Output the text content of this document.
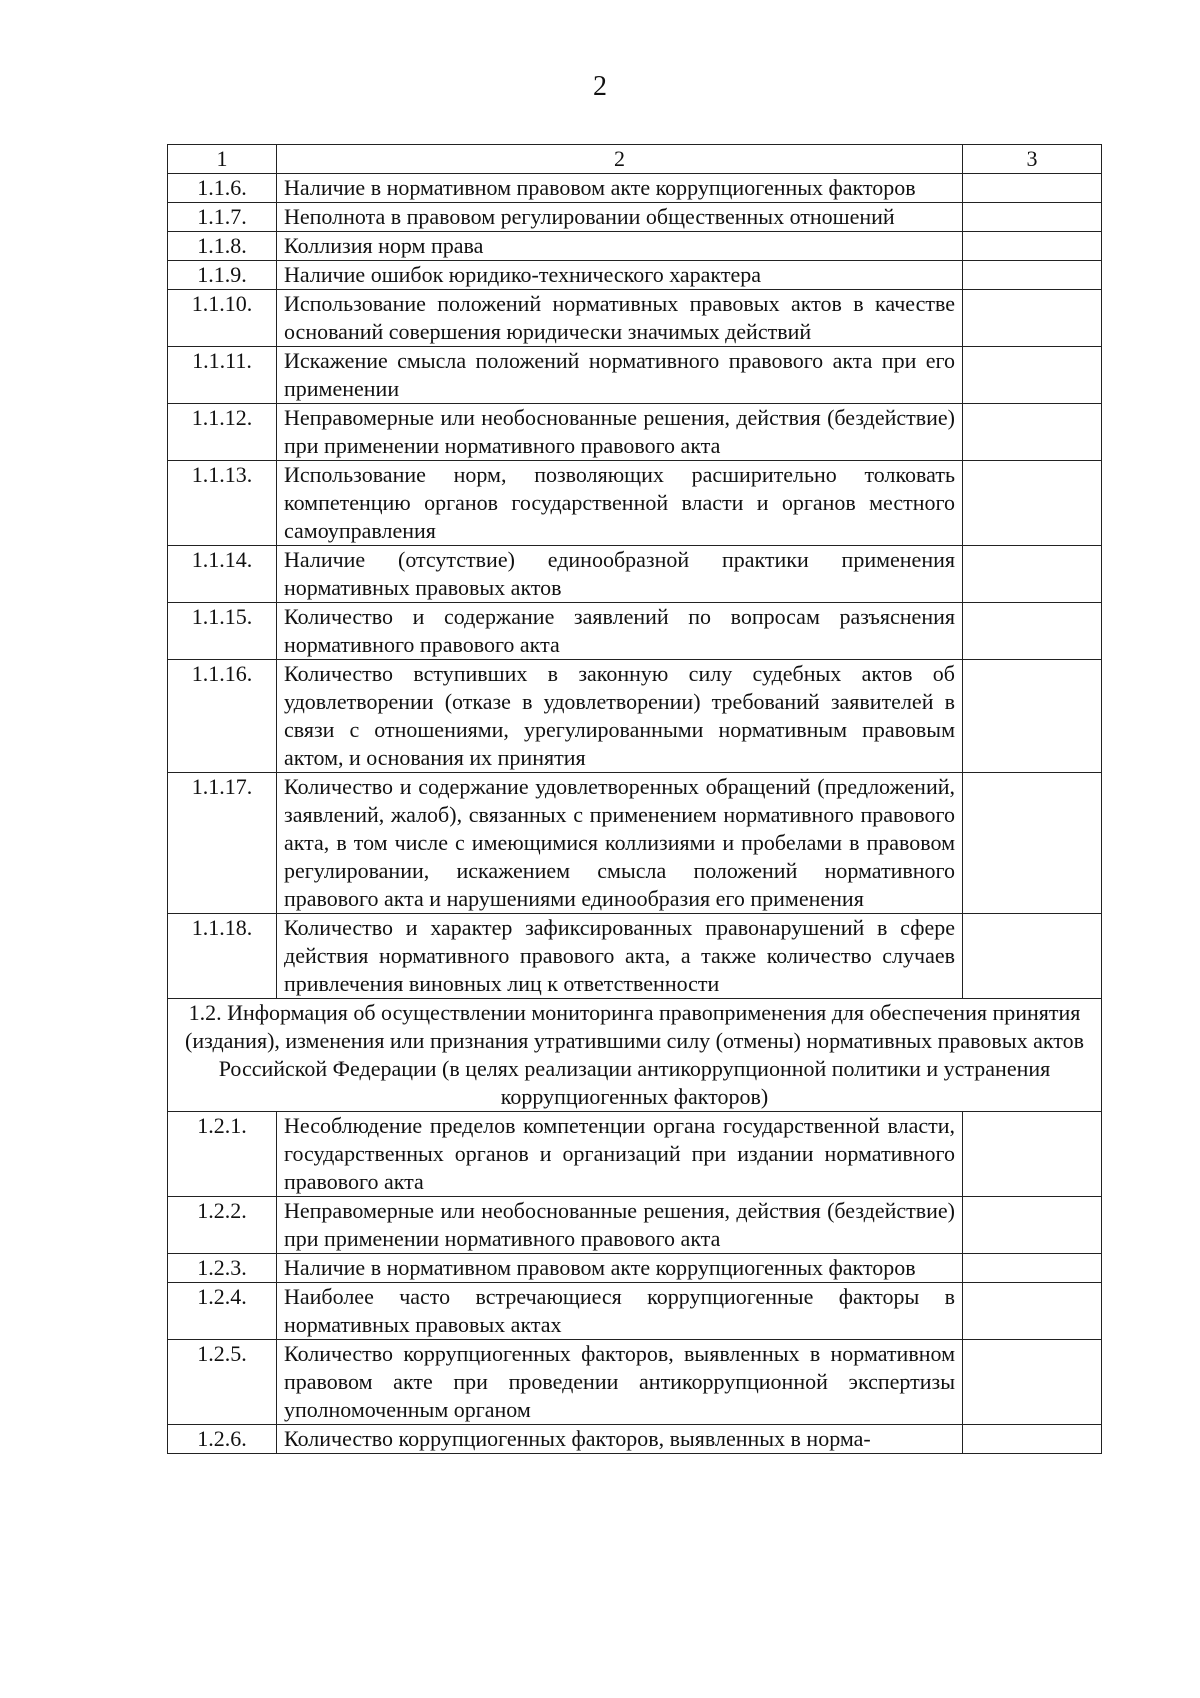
2
1	2	3
1.1.6.	Наличие в нормативном правовом акте коррупциогенных факторов	
1.1.7.	Неполнота в правовом регулировании общественных отношений	
1.1.8.	Коллизия норм права	
1.1.9.	Наличие ошибок юридико-технического характера	
1.1.10.	Использование положений нормативных правовых актов в качестве оснований совершения юридически значимых действий	
1.1.11.	Искажение смысла положений нормативного правового акта при его применении	
1.1.12.	Неправомерные или необоснованные решения, действия (бездействие) при применении нормативного правового акта	
1.1.13.	Использование норм, позволяющих расширительно толковать компетенцию органов государственной власти и органов местного самоуправления	
1.1.14.	Наличие (отсутствие) единообразной практики применения нормативных правовых актов	
1.1.15.	Количество и содержание заявлений по вопросам разъяснения нормативного правового акта	
1.1.16.	Количество вступивших в законную силу судебных актов об удовлетворении (отказе в удовлетворении) требований заявителей в связи с отношениями, урегулированными нормативным правовым актом, и основания их принятия	
1.1.17.	Количество и содержание удовлетворенных обращений (предложений, заявлений, жалоб), связанных с применением нормативного правового акта, в том числе с имеющимися коллизиями и пробелами в правовом регулировании, искажением смысла положений нормативного правового акта и нарушениями единообразия его применения	
1.1.18.	Количество и характер зафиксированных правонарушений в сфере действия нормативного правового акта, а также количество случаев привлечения виновных лиц к ответственности	
1.2. Информация об осуществлении мониторинга правоприменения для обеспечения принятия (издания), изменения или признания утратившими силу (отмены) нормативных правовых актов Российской Федерации (в целях реализации антикоррупционной политики и устранения коррупциогенных факторов)		
1.2.1.	Несоблюдение пределов компетенции органа государственной власти, государственных органов и организаций при издании нормативного правового акта	
1.2.2.	Неправомерные или необоснованные решения, действия (бездействие) при применении нормативного правового акта	
1.2.3.	Наличие в нормативном правовом акте коррупциогенных факторов	
1.2.4.	Наиболее часто встречающиеся коррупциогенные факторы в нормативных правовых актах	
1.2.5.	Количество коррупциогенных факторов, выявленных в нормативном правовом акте при проведении антикоррупционной экспертизы уполномоченным органом	
1.2.6.	Количество коррупциогенных факторов, выявленных в норма-	
